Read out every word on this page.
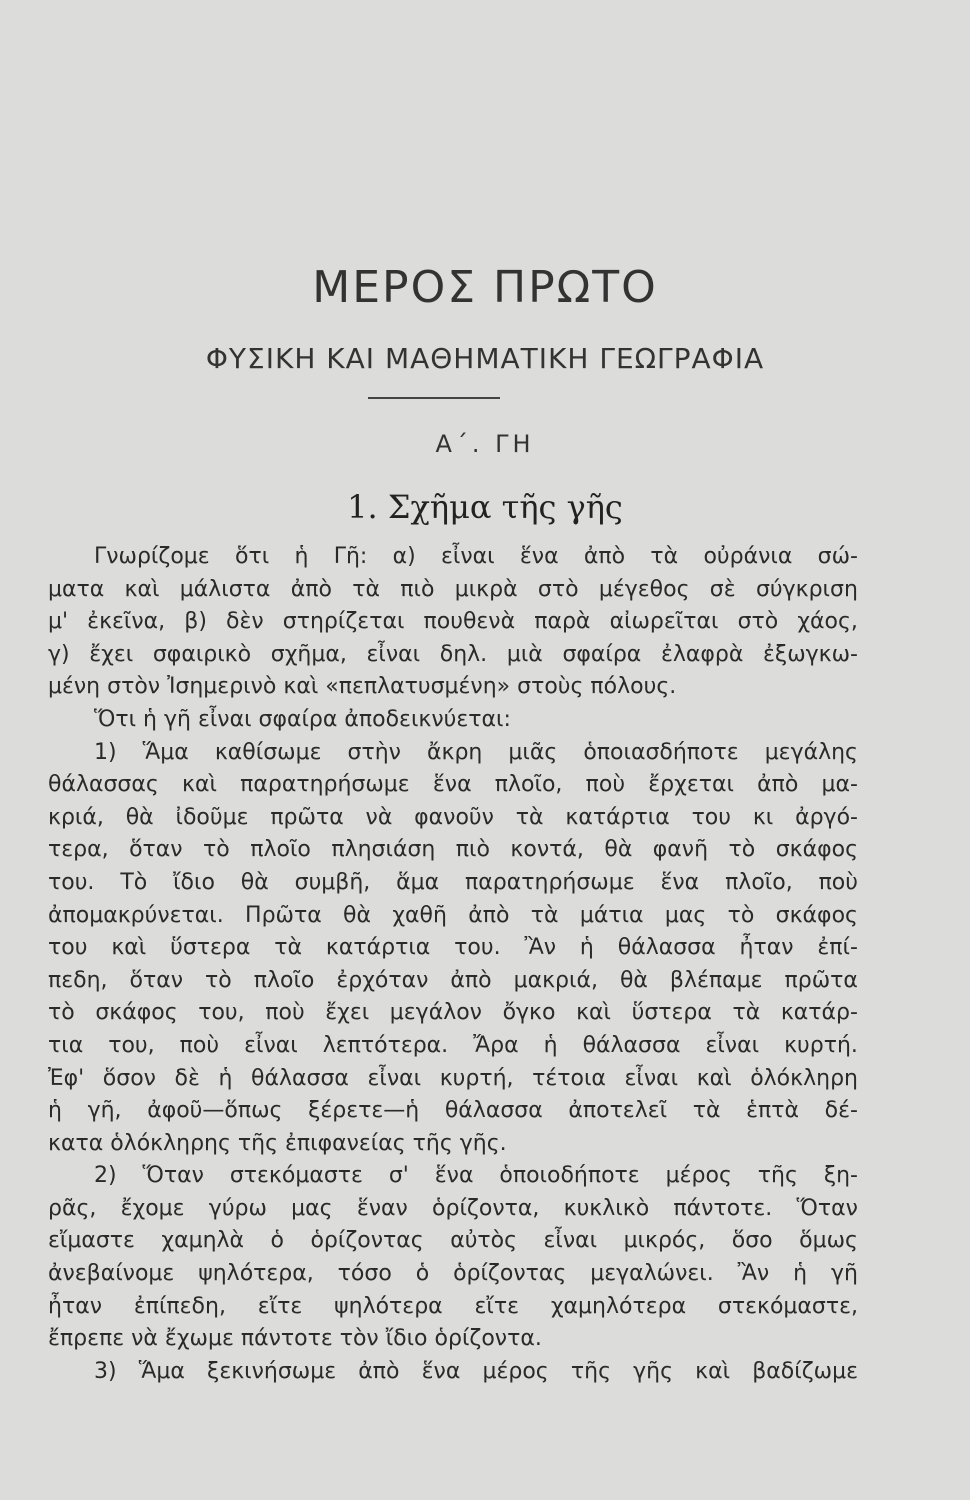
ΜΕΡΟΣ ΠΡΩΤΟ
ΦΥΣΙΚΗ ΚΑΙ ΜΑΘΗΜΑΤΙΚΗ ΓΕΩΓΡΑΦΙΑ
Α΄. ΓΗ
1. Σχῆμα τῆς γῆς
Γνωρίζομε ὅτι ἡ Γῆ: α) εἶναι ἕνα ἀπὸ τὰ οὐράνια σώ-
ματα καὶ μάλιστα ἀπὸ τὰ πιὸ μικρὰ στὸ μέγεθος σὲ σύγκριση
μ' ἐκεῖνα, β) δὲν στηρίζεται πουθενὰ παρὰ αἰωρεῖται στὸ χάος,
γ) ἔχει σφαιρικὸ σχῆμα, εἶναι δηλ. μιὰ σφαίρα ἐλαφρὰ ἐξωγκω-
μένη στὸν Ἰσημερινὸ καὶ «πεπλατυσμένη» στοὺς πόλους.
Ὅτι ἡ γῆ εἶναι σφαίρα ἀποδεικνύεται:
1) Ἅμα καθίσωμε στὴν ἄκρη μιᾶς ὁποιασδήποτε μεγάλης
θάλασσας καὶ παρατηρήσωμε ἕνα πλοῖο, ποὺ ἔρχεται ἀπὸ μα-
κριά, θὰ ἰδοῦμε πρῶτα νὰ φανοῦν τὰ κατάρτια του κι ἀργό-
τερα, ὅταν τὸ πλοῖο πλησιάση πιὸ κοντά, θὰ φανῆ τὸ σκάφος
του. Τὸ ἴδιο θὰ συμβῆ, ἅμα παρατηρήσωμε ἕνα πλοῖο, ποὺ
ἀπομακρύνεται. Πρῶτα θὰ χαθῆ ἀπὸ τὰ μάτια μας τὸ σκάφος
του καὶ ὕστερα τὰ κατάρτια του. Ἂν ἡ θάλασσα ἦταν ἐπί-
πεδη, ὅταν τὸ πλοῖο ἐρχόταν ἀπὸ μακριά, θὰ βλέπαμε πρῶτα
τὸ σκάφος του, ποὺ ἔχει μεγάλον ὄγκο καὶ ὕστερα τὰ κατάρ-
τια του, ποὺ εἶναι λεπτότερα. Ἄρα ἡ θάλασσα εἶναι κυρτή.
Ἐφ' ὅσον δὲ ἡ θάλασσα εἶναι κυρτή, τέτοια εἶναι καὶ ὁλόκληρη
ἡ γῆ, ἀφοῦ—ὅπως ξέρετε—ἡ θάλασσα ἀποτελεῖ τὰ ἑπτὰ δέ-
κατα ὁλόκληρης τῆς ἐπιφανείας τῆς γῆς.
2) Ὅταν στεκόμαστε σ' ἕνα ὁποιοδήποτε μέρος τῆς ξη-
ρᾶς, ἔχομε γύρω μας ἕναν ὁρίζοντα, κυκλικὸ πάντοτε. Ὅταν
εἴμαστε χαμηλὰ ὁ ὁρίζοντας αὐτὸς εἶναι μικρός, ὅσο ὅμως
ἀνεβαίνομε ψηλότερα, τόσο ὁ ὁρίζοντας μεγαλώνει. Ἂν ἡ γῆ
ἦταν ἐπίπεδη, εἴτε ψηλότερα εἴτε χαμηλότερα στεκόμαστε,
ἔπρεπε νὰ ἔχωμε πάντοτε τὸν ἴδιο ὁρίζοντα.
3) Ἅμα ξεκινήσωμε ἀπὸ ἕνα μέρος τῆς γῆς καὶ βαδίζωμε
